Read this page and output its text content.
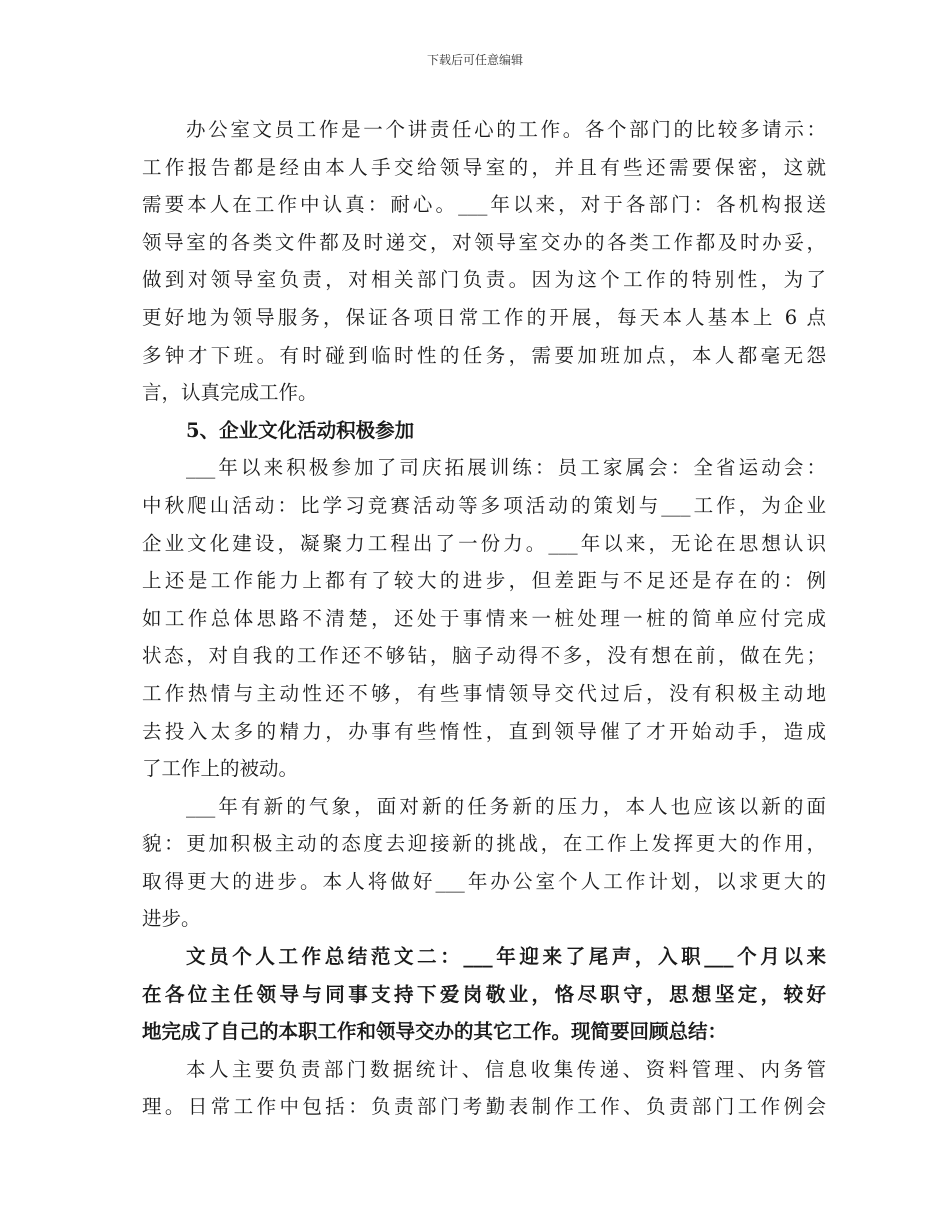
下载后可任意编辑
办公室文员工作是一个讲责任心的工作。各个部门的比较多请示：
工作报告都是经由本人手交给领导室的，并且有些还需要保密，这就
需要本人在工作中认真：耐心。___年以来，对于各部门：各机构报送
领导室的各类文件都及时递交，对领导室交办的各类工作都及时办妥，
做到对领导室负责，对相关部门负责。因为这个工作的特别性，为了
更好地为领导服务，保证各项日常工作的开展，每天本人基本上 6 点
多钟才下班。有时碰到临时性的任务，需要加班加点，本人都毫无怨
言，认真完成工作。
5、企业文化活动积极参加
___年以来积极参加了司庆拓展训练：员工家属会：全省运动会：
中秋爬山活动：比学习竞赛活动等多项活动的策划与___工作，为企业
企业文化建设，凝聚力工程出了一份力。___年以来，无论在思想认识
上还是工作能力上都有了较大的进步，但差距与不足还是存在的：例
如工作总体思路不清楚，还处于事情来一桩处理一桩的简单应付完成
状态，对自我的工作还不够钻，脑子动得不多，没有想在前，做在先；
工作热情与主动性还不够，有些事情领导交代过后，没有积极主动地
去投入太多的精力，办事有些惰性，直到领导催了才开始动手，造成
了工作上的被动。
___年有新的气象，面对新的任务新的压力，本人也应该以新的面
貌：更加积极主动的态度去迎接新的挑战，在工作上发挥更大的作用，
取得更大的进步。本人将做好___年办公室个人工作计划，以求更大的
进步。
文员个人工作总结范文二：___年迎来了尾声，入职___个月以来
在各位主任领导与同事支持下爱岗敬业，恪尽职守，思想坚定，较好
地完成了自己的本职工作和领导交办的其它工作。现简要回顾总结：
本人主要负责部门数据统计、信息收集传递、资料管理、内务管
理。日常工作中包括：负责部门考勤表制作工作、负责部门工作例会
